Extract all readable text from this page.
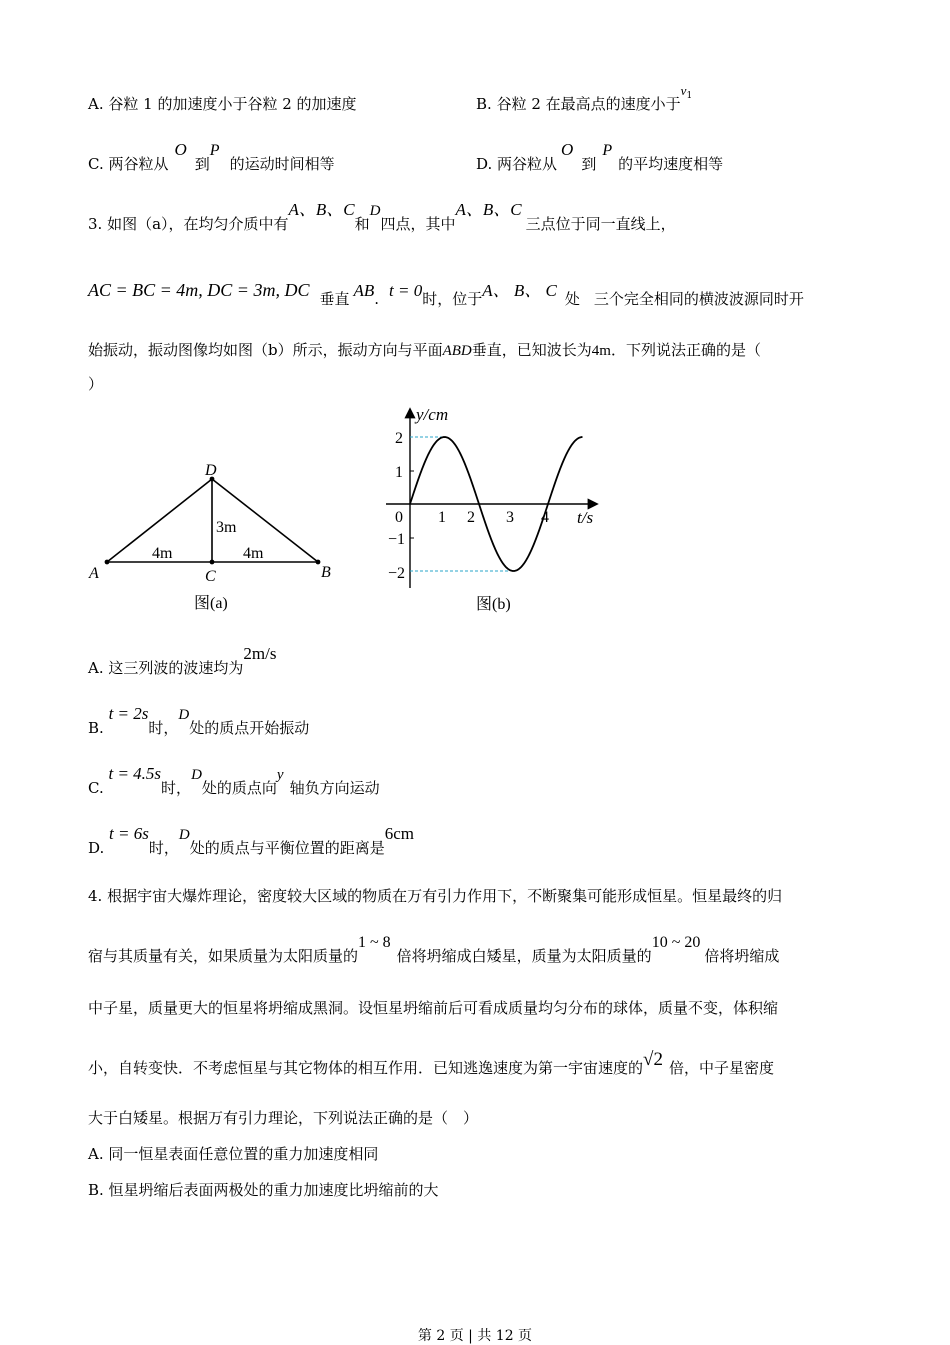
A. 谷粒 1 的加速度小于谷粒 2 的加速度	B. 谷粒 2 在最高点的速度小于$v^1$
C. 两谷粒从O到P的运动时间相等	D. 两谷粒从O到P的平均速度相等
3. 如图（a），在均匀介质中有A、B、C和D四点，其中A、B、C三点位于同一直线上，
AC = BC = 4m, DC = 3m, DC 垂直 AB. t = 0时，位于A、 B、 C 处 三个完全相同的横波波源同时开
始振动，振动图像均如图（b）所示，振动方向与平面ABD垂直，已知波长为4m．下列说法正确的是（
）
D
A	C	B
3m
4m	4m
图(a)
y/cm
t/s
2
1
−1
−2
0 1 2 3 4
图(b)
A. 这三列波的波速均为2m/s
B. t = 2s时，D处的质点开始振动
C. t = 4.5s时，D处的质点向y轴负方向运动
D. t = 6s时，D处的质点与平衡位置的距离是6cm
4. 根据宇宙大爆炸理论，密度较大区域的物质在万有引力作用下，不断聚集可能形成恒星。恒星最终的归
宿与其质量有关，如果质量为太阳质量的1 ~ 8倍将坍缩成白矮星，质量为太阳质量的10 ~ 20倍将坍缩成
中子星，质量更大的恒星将坍缩成黑洞。设恒星坍缩前后可看成质量均匀分布的球体，质量不变，体积缩
小，自转变快．不考虑恒星与其它物体的相互作用．已知逃逸速度为第一宇宙速度的√2 倍，中子星密度
大于白矮星。根据万有引力理论，下列说法正确的是（　）
A. 同一恒星表面任意位置的重力加速度相同
B. 恒星坍缩后表面两极处的重力加速度比坍缩前的大
第 2 页 | 共 12 页
